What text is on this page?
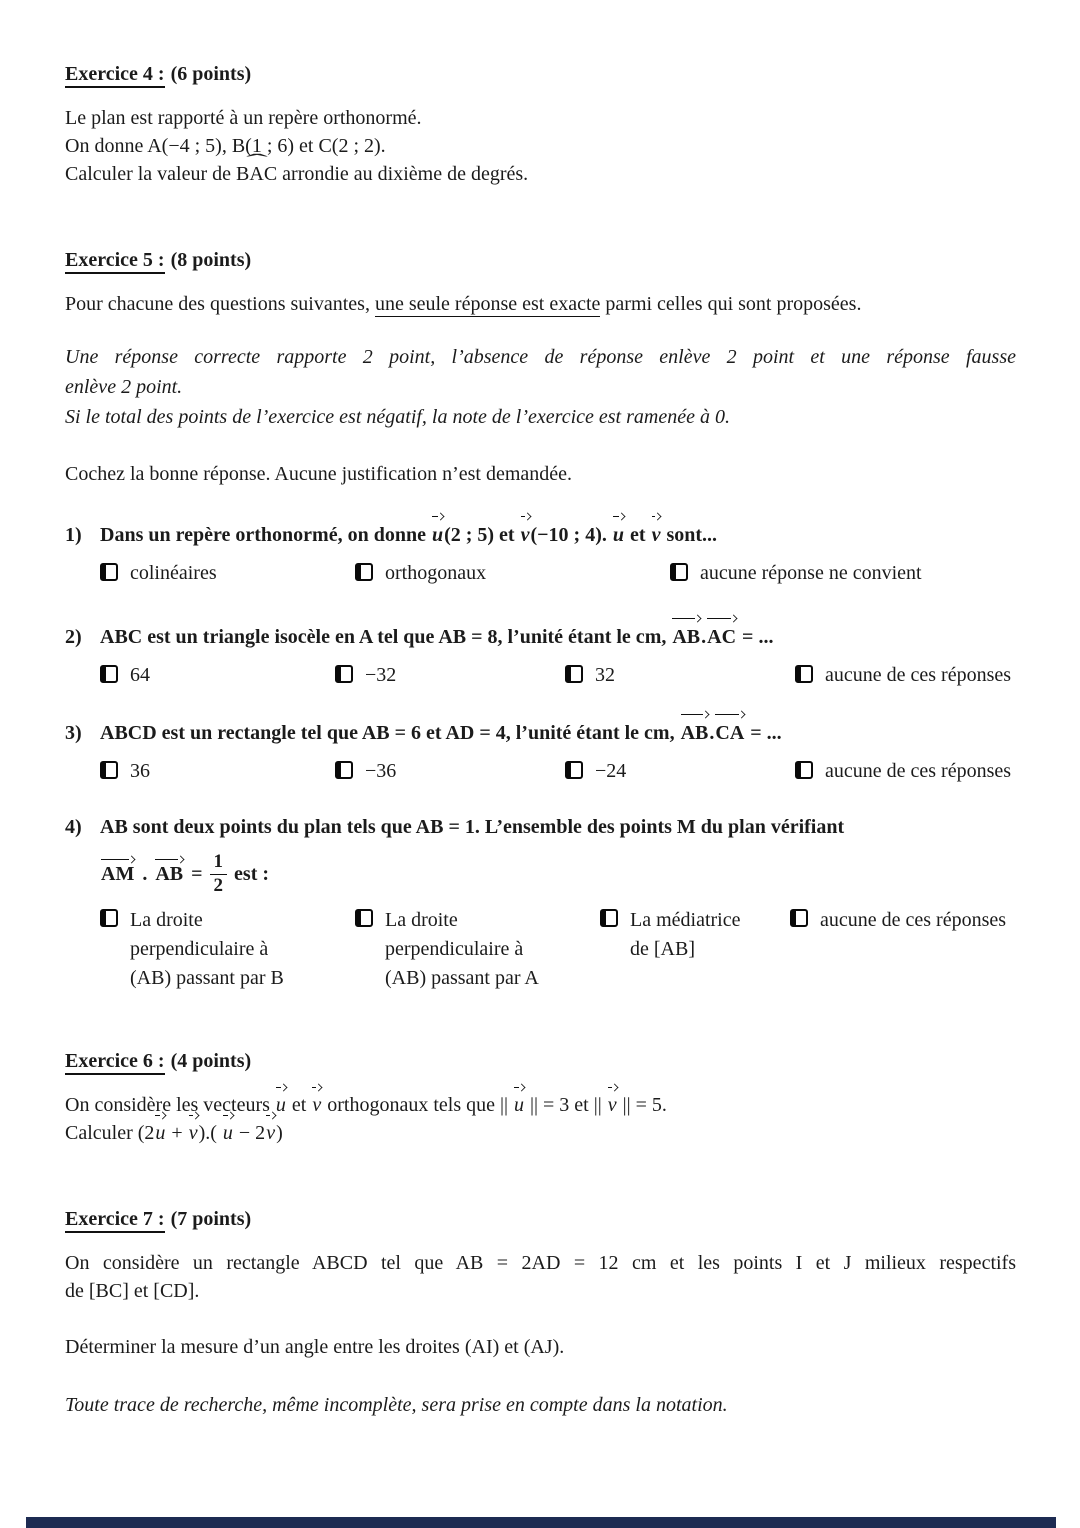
Exercice 4 : (6 points)
Le plan est rapporté à un repère orthonormé.
On donne A(−4 ; 5), B(1 ; 6) et C(2 ; 2).
Calculer la valeur de ˆ BAC arrondie au dixième de degrés.
Exercice 5 : (8 points)
Pour chacune des questions suivantes, une seule réponse est exacte parmi celles qui sont proposées.
Une réponse correcte rapporte 2 point, l’absence de réponse enlève 2 point et une réponse fausse
enlève 2 point.
Si le total des points de l’exercice est négatif, la note de l’exercice est ramenée à 0.
Cochez la bonne réponse. Aucune justification n’est demandée.
1) Dans un repère orthonormé, on donne u(2 ; 5) et v(−10 ; 4). u et v sont...
colinéaires	orthogonaux	aucune réponse ne convient
2) ABC est un triangle isocèle en A tel que AB = 8, l’unité étant le cm, AB.AC = ...
64	−32	32	aucune de ces réponses
3) ABCD est un rectangle tel que AB = 6 et AD = 4, l’unité étant le cm, AB.CA = ...
36	−36	−24	aucune de ces réponses
4) AB sont deux points du plan tels que AB = 1. L’ensemble des points M du plan vérifiant
AM . AB = $\frac{1}{2}$ est :
La droite
perpendiculaire à
(AB) passant par B
La droite
perpendiculaire à
(AB) passant par A
La médiatrice
de [AB]
aucune de ces réponses
Exercice 6 : (4 points)
On considère les vecteurs u et v orthogonaux tels que || u || = 3 et || v || = 5.
Calculer (2u + v).( u − 2v)
Exercice 7 : (7 points)
On considère un rectangle ABCD tel que AB = 2AD = 12 cm et les points I et J milieux respectifs
de [BC] et [CD].
Déterminer la mesure d’un angle entre les droites (AI) et (AJ).
Toute trace de recherche, même incomplète, sera prise en compte dans la notation.
